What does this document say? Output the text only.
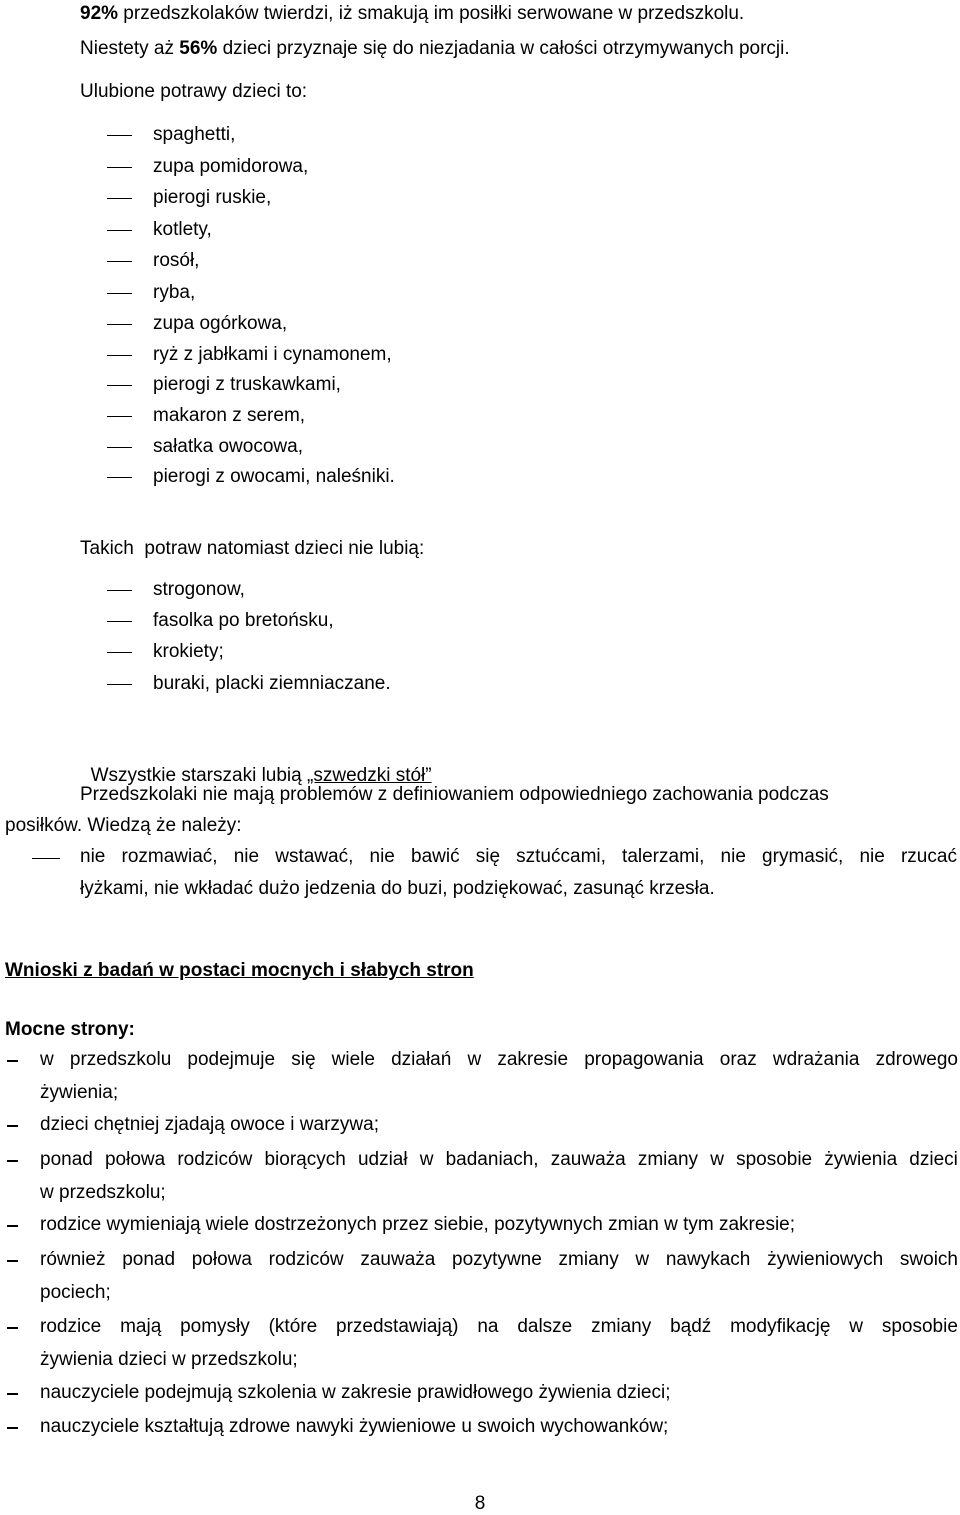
92% przedszkolaków twierdzi, iż smakują im posiłki serwowane w przedszkolu.
Niestety aż 56% dzieci przyznaje się do niezjadania w całości otrzymywanych porcji.
Ulubione potrawy dzieci to:
spaghetti,
zupa pomidorowa,
pierogi ruskie,
kotlety,
rosół,
ryba,
zupa ogórkowa,
ryż z jabłkami i cynamonem,
pierogi z truskawkami,
makaron z serem,
sałatka owocowa,
pierogi z owocami, naleśniki.
Takich  potraw natomiast dzieci nie lubią:
strogonow,
fasolka po bretońsku,
krokiety;
buraki, placki ziemniaczane.

Wszystkie starszaki lubią „szwedzki stół”

Przedszkolaki nie mają problemów z definiowaniem odpowiedniego zachowania podczas
posiłków. Wiedzą że należy:
nie rozmawiać, nie wstawać, nie bawić się sztućcami, talerzami, nie grymasić, nie rzucać
łyżkami, nie wkładać dużo jedzenia do buzi, podziękować, zasunąć krzesła.
Wnioski z badań w postaci mocnych i słabych stron
Mocne strony:
w przedszkolu podejmuje się wiele działań w zakresie propagowania oraz wdrażania zdrowego
żywienia;
dzieci chętniej zjadają owoce i warzywa;
ponad połowa rodziców biorących udział w badaniach, zauważa zmiany w sposobie żywienia dzieci
w przedszkolu;
rodzice wymieniają wiele dostrzeżonych przez siebie, pozytywnych zmian w tym zakresie;
również ponad połowa rodziców zauważa pozytywne zmiany w nawykach żywieniowych swoich
pociech;
rodzice mają pomysły (które przedstawiają) na dalsze zmiany bądź modyfikację w sposobie
żywienia dzieci w przedszkolu;
nauczyciele podejmują szkolenia w zakresie prawidłowego żywienia dzieci;
nauczyciele kształtują zdrowe nawyki żywieniowe u swoich wychowanków;
8
